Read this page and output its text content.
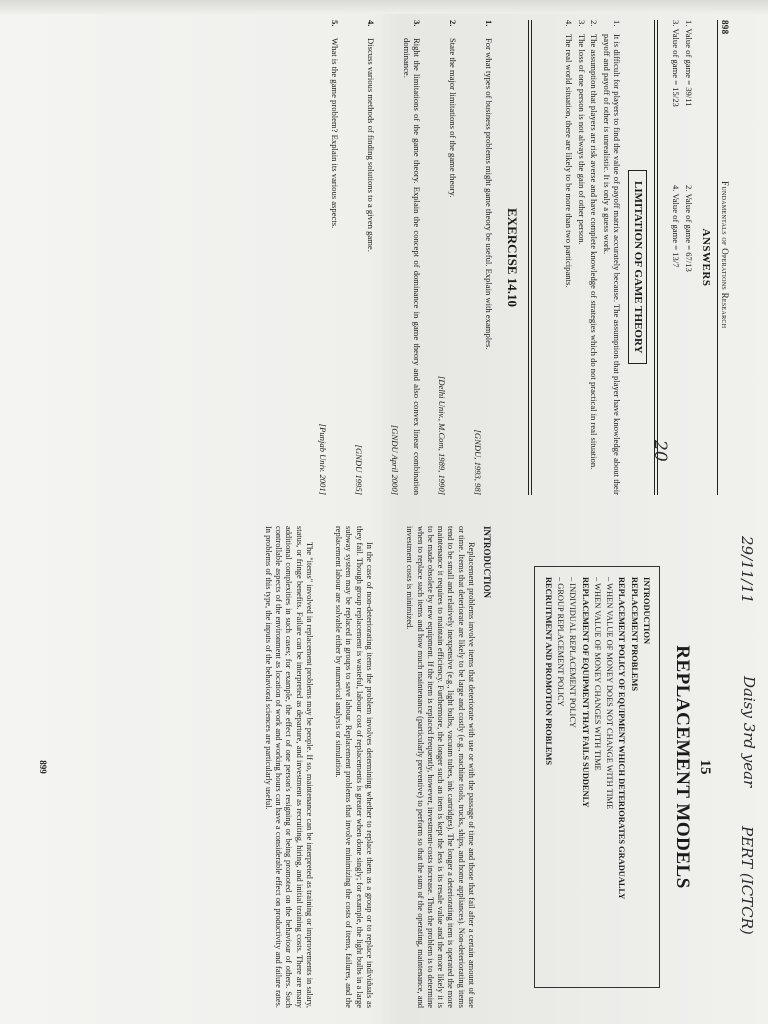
898
Fundamentals of Operations Research
ANSWERS
1. Value of game = 39/11
2. Value of game = 67/13
3. Value of game = 15/23
4. Value of game = 13/7
20
LIMITATION OF GAME THEORY
1.
It is difficult for players to find the value of payoff matrix accurately because. The assumption that player have knowledge about their payoff and payoff of other is unrealistic. It is only a guess work.
2.
The assumption that players are risk averse and have complete knowledge of strategies which do not practical in real situation.
3.
The loss of one person is not always the gain of other person.
4.
The real world situation, there are likely to be more than two participants.
EXERCISE 14.10
1.
For what types of business problems might game theory be useful. Explain with examples.
[GNDU, 1993, 98]
2.
State the major limitations of the game theory.
[Delhi Univ., M.Com, 1989, 1990]
3.
Right the limitations of the game theory. Explain the concept of dominance in game theory and also convex linear combination dominance.
[GNDU April 2000]
4.
Discuss various methods of finding solutions to a given game.
[GNDU 1995]
5.
What is the game problem? Explain its various aspects.
[Punjab Univ. 2001]
29/11/11
Daisy 3rd year
PERT (ICTCR)
15
REPLACEMENT MODELS
INTRODUCTION
REPLACEMENT PROBLEMS
REPLACEMENT POLICY OF EQUIPMENT WHICH DETERIORATES GRADUALLY
– WHEN VALUE OF MONEY DOES NOT CHANGE WITH TIME
– WHEN VALUE OF MONEY CHANGES WITH TIME
REPLACEMENT OF EQUIPMENT THAT FAILS SUDDENLY
– INDIVIDUAL REPLACEMENT POLICY
– GROUP REPLACEMENT POLICY
RECRUITMENT AND PROMOTION PROBLEMS
INTRODUCTION

Replacement problems involve items that deteriorate with use or with the passage of time and those that fail after a certain amount of use or time. Items that deteriorate are likely to be large and costly (e.g., machine tools, trucks, ships, and home appliances). Non-deteriorating items tend to be small and relatively inexpensive (e.g., light bulbs, vacuum tubes, ink cartridges). The longer a deteriorating item is operated the more maintenance it requires to maintain efficiency. Furthermore, the longer such an item is kept the less is its resale value and the more likely it is to be made obsolete by new equipment. If the item is replaced frequently, however, investment-costs increase. Thus the problem is to determine when to replace such items and how much maintenance (particularly preventive) to perform so that the sum of the operating, maintenance, and investment costs is minimized.

In the case of non-deteriorating items the problem involves determining whether to replace them as a group or to replace individuals as they fail. Though group replacement is wasteful, labour cost of replacements is greater when done singly; for example, the light bulbs in a large subway system may be replaced in groups to save labour. Replacement problems that involve minimizing the costs of items, failures, and the replacement labour are solvable either by numerical analysis or simulation.

The "items" involved in replacement problems may be people. If so, maintenance can be interpreted as training or improvements in salary, status, or fringe benefits. Failure can be interpreted as departure, and investment as recruiting, hiring, and initial training costs. There are many additional complexities in such cases; for example, the effect of one person's resigning or being promoted on the behaviour of others. Such controllable aspects of the environment as location of work and working hours can have a considerable effect on productivity and failure rates. In problems of this type, the inputs of the behavioral sciences are particularly useful.

899
